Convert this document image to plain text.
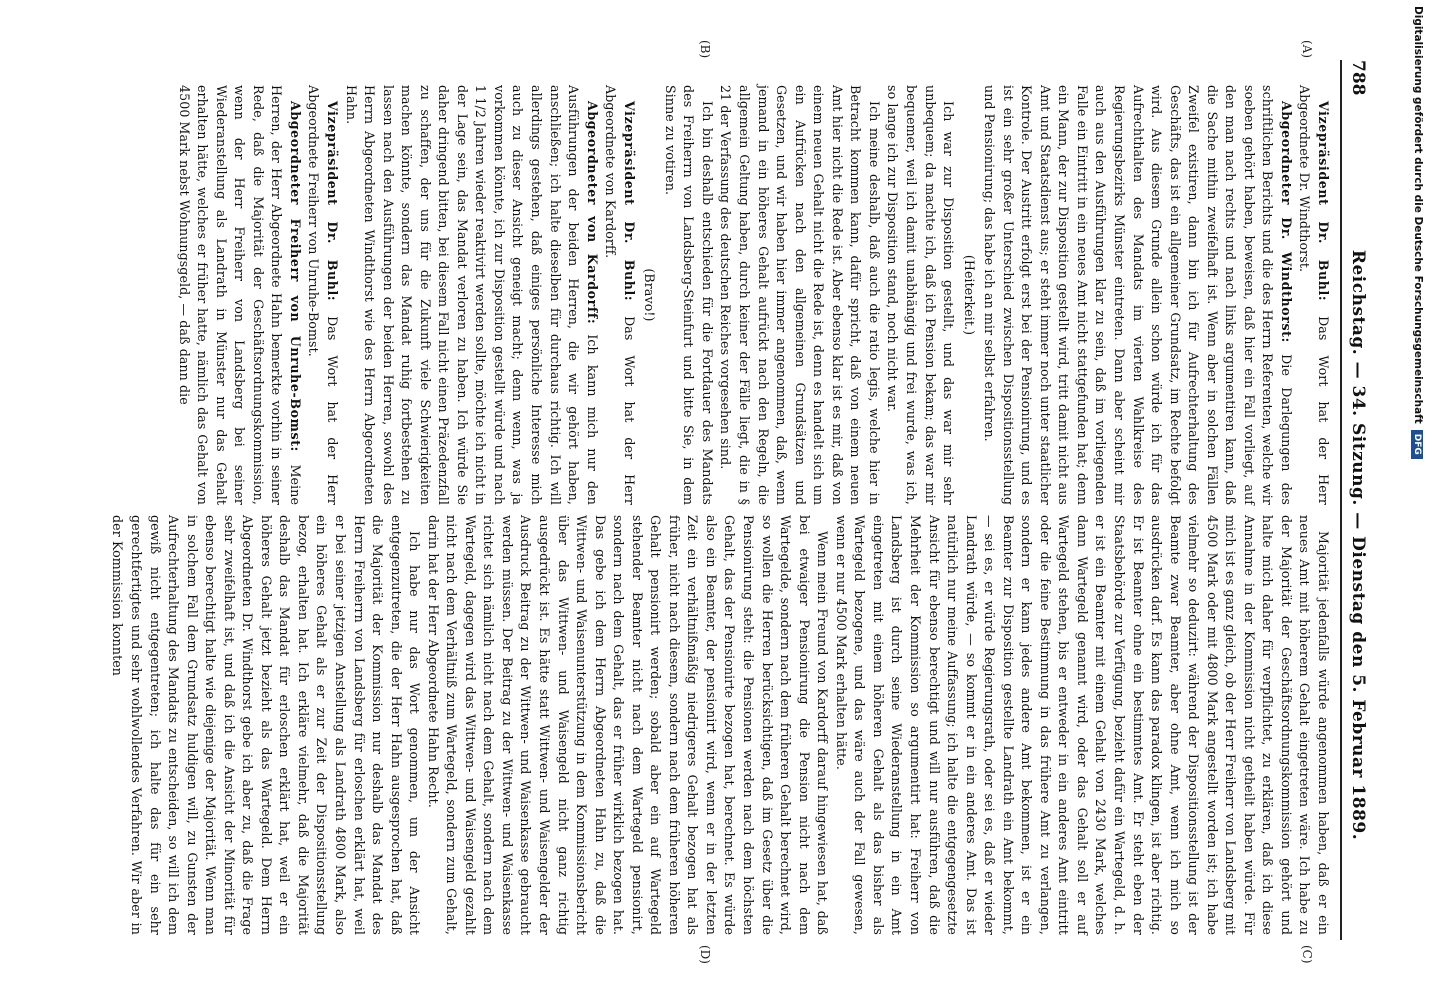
788
Reichstag. — 34. Sitzung. — Dienstag den 5. Februar 1889.
(A)
(B)
(C)
(D)

Vizepräsident Dr. Buhl: Das Wort hat der Herr Abgeordnete Dr. Windthorst.

Abgeordneter Dr. Windthorst: Die Darlegungen des schriftlichen Berichts und die des Herrn Referenten, welche wir soeben gehört haben, beweisen, daß hier ein Fall vorliegt, auf den man nach rechts und nach links argumentiren kann, daß die Sache mithin zweifelhaft ist. Wenn aber in solchen Fällen Zweifel existiren, dann bin ich für Aufrechterhaltung des Geschäfts, das ist ein allgemeiner Grundsatz, im Rechte befolgt wird. Aus diesem Grunde allein schon würde ich für das Aufrechthalten des Mandats im vierten Wahlkreise des Regierungsbezirks Münster eintreten. Dann aber scheint mir auch aus den Ausführungen klar zu sein, daß im vorliegenden Falle ein Eintritt in ein neues Amt nicht stattgefunden hat; denn ein Mann, der zur Disposition gestellt wird, tritt damit nicht aus Amt und Staatsdienst aus; er steht immer noch unter staatlicher Kontrole. Der Austritt erfolgt erst bei der Pensionirung, und es ist ein sehr großer Unterschied zwischen Dispositionsstellung und Pensionirung; das habe ich an mir selbst erfahren.

(Heiterkeit.)

Ich war zur Disposition gestellt, und das war mir sehr unbequem; da machte ich, daß ich Pension bekam; das war mir bequemer, weil ich damit unabhängig und frei wurde, was ich, so lange ich zur Disposition stand, noch nicht war.

Ich meine deshalb, daß auch die ratio legis, welche hier in Betracht kommen kann, dafür spricht, daß von einem neuen Amt hier nicht die Rede ist. Aber ebenso klar ist es mir, daß von einem neuen Gehalt nicht die Rede ist, denn es handelt sich um ein Aufrücken nach den allgemeinen Grundsätzen und Gesetzen, und wir haben hier immer angenommen, daß, wenn jemand in ein höheres Gehalt aufrückt nach den Regeln, die allgemein Geltung haben, durch keiner der Fälle liegt, die in § 21 der Verfassung des deutschen Reiches vorgesehen sind.

Ich bin deshalb entschieden für die Fortdauer des Mandats des Freiherrn von Landsberg-Steinfurt und bitte Sie, in dem Sinne zu votiren.

(Bravo!)

Vizepräsident Dr. Buhl: Das Wort hat der Herr Abgeordnete von Kardorff.

Abgeordneter von Kardorff: Ich kann mich nur den Ausführungen der beiden Herren, die wir gehört haben, anschließen; ich halte dieselben für durchaus richtig. Ich will allerdings gestehen, daß einiges persönliche Interesse mich auch zu dieser Ansicht geneigt macht; denn wenn, was ja vorkommen könnte, ich zur Disposition gestellt würde und nach 1 1/2 Jahren wieder reaktivirt werden sollte, möchte ich nicht in der Lage sein, das Mandat verloren zu haben. Ich würde Sie daher dringend bitten, bei diesem Fall nicht einen Präzedenzfall zu schaffen, der uns für die Zukunft viele Schwierigkeiten machen könnte, sondern das Mandat ruhig fortbestehen zu lassen nach den Ausführungen der beiden Herren, sowohl des Herrn Abgeordneten Windthorst wie des Herrn Abgeordneten Hahn.

Vizepräsident Dr. Buhl: Das Wort hat der Herr Abgeordnete Freiherr von Unruhe-Bomst.

Abgeordneter Freiherr von Unruhe-Bomst: Meine Herren, der Herr Abgeordnete Hahn bemerkte vorhin in seiner Rede, daß die Majorität der Geschäftsordnungskommission, wenn der Herr Freiherr von Landsberg bei seiner Wiederanstellung als Landrath in Münster nur das Gehalt erhalten hätte, welches er früher hatte, nämlich das Gehalt von 4500 Mark nebst Wohnungsgeld, — daß dann die

Majorität jedenfalls würde angenommen haben, daß er ein neues Amt mit höherem Gehalt eingetreten wäre. Ich habe zu der Majorität der Geschäftsordnungskommission gehört und halte mich daher für verpflichtet, zu erklären, daß ich diese Annahme in der Kommission nicht getheilt haben würde. Für mich ist es ganz gleich, ob der Herr Freiherr von Landsberg mit 4500 Mark oder mit 4800 Mark angestellt worden ist; ich habe vielmehr so deduzirt: während der Dispositionsstellung ist der Beamte zwar Beamter, aber ohne Amt, wenn ich mich so ausdrücken darf. Es kann das paradox klingen, ist aber richtig. Er ist Beamter ohne ein bestimmtes Amt. Er steht eben der Staatsbehörde zur Verfügung, bezieht dafür ein Wartegeld, d. h. er ist ein Beamter mit einem Gehalt von 2430 Mark, welches dann Wartegeld genannt wird, oder das Gehalt soll er auf Wartegeld stehen, bis er entweder in ein anderes Amt eintritt oder die feine Bestimmung in das frühere Amt zu verlangen, sondern er kann jedes andere Amt bekommen, ist er ein Beamter zur Disposition gestellte Landrath ein Amt bekommt, — sei es, er würde Regierungsrath, oder sei es, daß er wieder Landrath würde, — so kommt er in ein anderes Amt. Das ist natürlich nur meine Auffassung; ich halte die entgegengesetzte Ansicht für ebenso berechtigt und will nur ausführen, daß die Mehrheit der Kommission so argumentirt hat: Freiherr von Landsberg ist durch seine Wiederanstellung in ein Amt eingetreten mit einem höheren Gehalt als das bisher als Wartegeld bezogene, und das wäre auch der Fall gewesen, wenn er nur 4500 Mark erhalten hätte.

Wenn mein Freund von Kardorff darauf hingewiesen hat, daß bei etwaiger Pensionirung die Pension nicht nach dem Wartegelde, sondern nach dem früheren Gehalt berechnet wird, so wollen die Herren berücksichtigen, daß im Gesetz über die Pensionirung steht: die Pensionen werden nach dem höchsten Gehalt, das der Pensionirte bezogen hat, berechnet. Es würde also ein Beamter, der pensionirt wird, wenn er in der letzten Zeit ein verhältnißmäßig niedrigeres Gehalt bezogen hat als früher, nicht nach diesem, sondern nach dem früheren höheren Gehalt pensionirt werden; sobald aber ein auf Wartegeld stehender Beamter nicht nach dem Wartegeld pensionirt, sondern nach dem Gehalt, das er früher wirklich bezogen hat. Das gebe ich dem Herrn Abgeordneten Hahn zu, daß die Wittwen- und Waisenunterstützung in dem Kommissionsbericht über das Wittwen- und Waisengeld nicht ganz richtig ausgedrückt ist. Es hätte statt Wittwen- und Waisengelder der Ausdruck Beitrag zu der Wittwen- und Waisenkasse gebraucht werden müssen. Der Beitrag zu der Wittwen- und Waisenkasse richtet sich nämlich nicht nach dem Gehalt, sondern nach dem Wartegeld, dagegen wird das Wittwen- und Waisengeld gezahlt nicht nach dem Verhältniß zum Wartegeld, sondern zum Gehalt, darin hat der Herr Abgeordnete Hahn Recht.

Ich habe nur das Wort genommen, um der Ansicht entgegenzutreten, die der Herr Hahn ausgesprochen hat, daß die Majorität der Kommission nur deshalb das Mandat des Herrn Freiherrn von Landsberg für erloschen erklärt hat, weil er bei seiner jetzigen Anstellung als Landrath 4800 Mark, also ein höheres Gehalt als er zur Zeit der Dispositionsstellung bezog, erhalten hat. Ich erkläre vielmehr, daß die Majorität deshalb das Mandat für erloschen erklärt hat, weil er ein höheres Gehalt jetzt bezieht als das Wartegeld. Dem Herrn Abgeordneten Dr. Windthorst gebe ich aber zu, daß die Frage sehr zweifelhaft ist, und daß ich die Ansicht der Minorität für ebenso berechtigt halte wie diejenige der Majorität. Wenn man in solchem Fall dem Grundsatz huldigen will, zu Gunsten der Aufrechterhaltung des Mandats zu entscheiden, so will ich dem gewiß nicht entgegentreten; ich halte das für ein sehr gerechtfertigtes und sehr wohlwollendes Verfahren. Wir aber in der Kommission konnten

Digitalisierung gefördert durch die Deutsche ForschungsgemeinschaftDFG
